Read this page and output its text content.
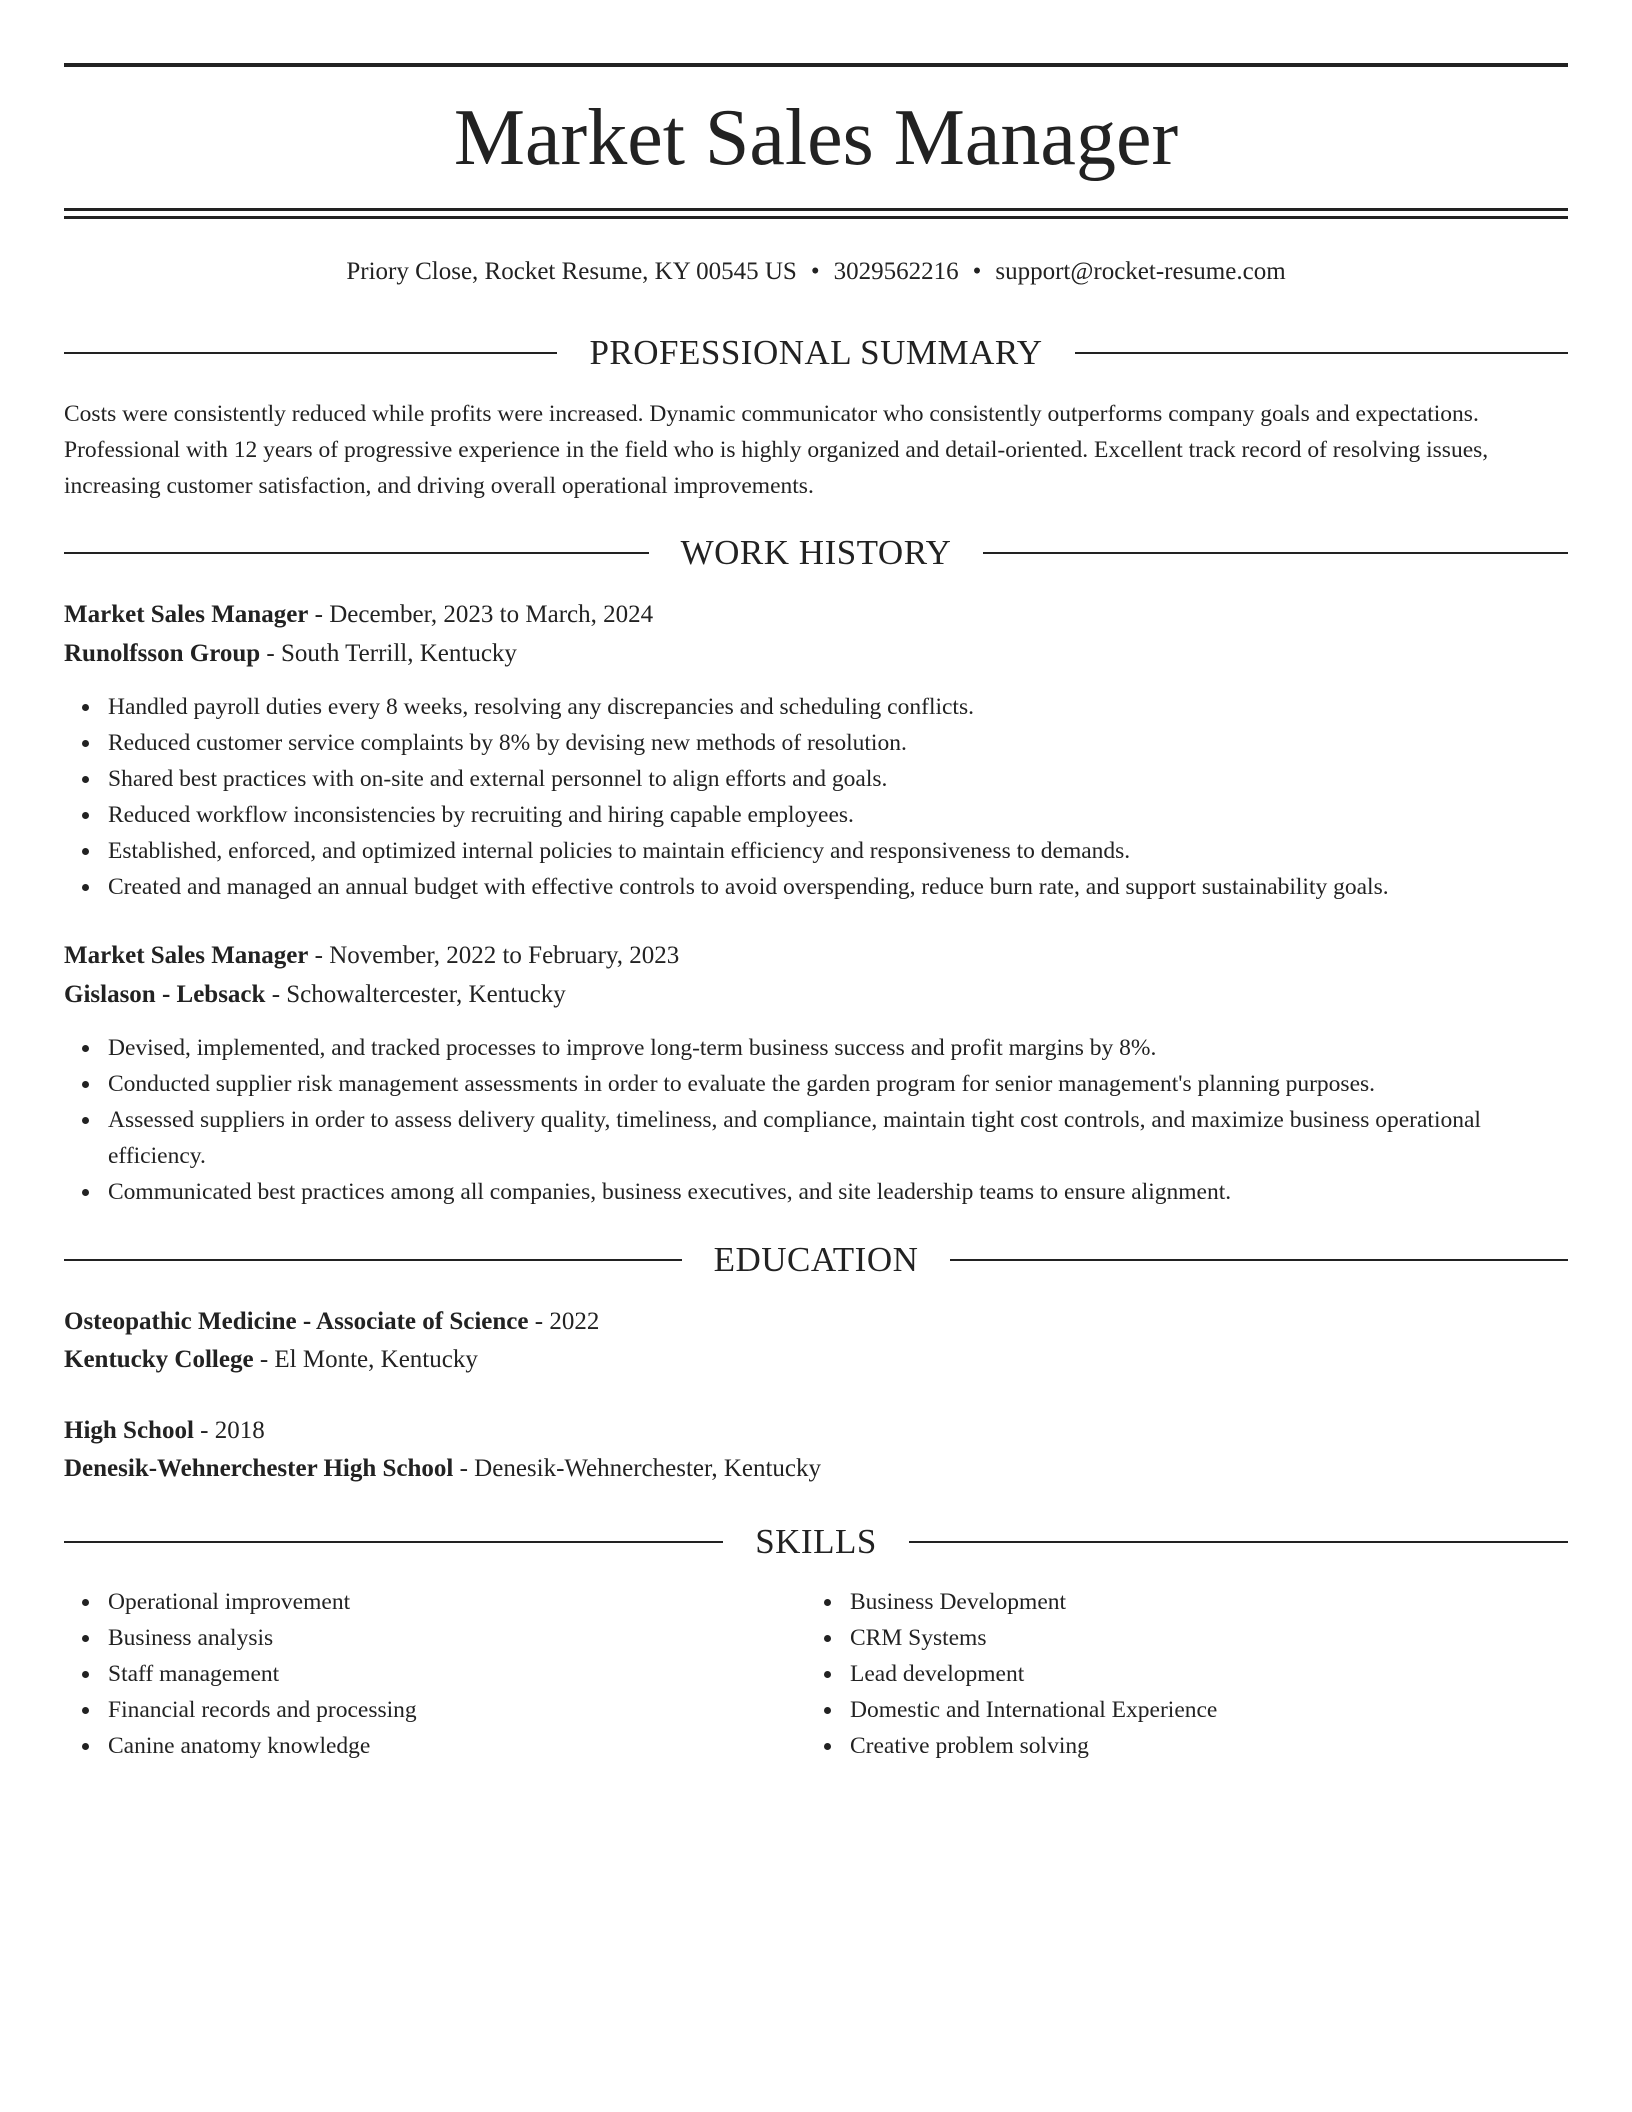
Market Sales Manager
Priory Close, Rocket Resume, KY 00545 US • 3029562216 • support@rocket-resume.com
PROFESSIONAL SUMMARY

Costs were consistently reduced while profits were increased. Dynamic communicator who consistently outperforms company goals and expectations. Professional with 12 years of progressive experience in the field who is highly organized and detail-oriented. Excellent track record of resolving issues, increasing customer satisfaction, and driving overall operational improvements.

WORK HISTORY
Market Sales Manager - December, 2023 to March, 2024
Runolfsson Group - South Terrill, Kentucky
Handled payroll duties every 8 weeks, resolving any discrepancies and scheduling conflicts.
Reduced customer service complaints by 8% by devising new methods of resolution.
Shared best practices with on-site and external personnel to align efforts and goals.
Reduced workflow inconsistencies by recruiting and hiring capable employees.
Established, enforced, and optimized internal policies to maintain efficiency and responsiveness to demands.
Created and managed an annual budget with effective controls to avoid overspending, reduce burn rate, and support sustainability goals.
Market Sales Manager - November, 2022 to February, 2023
Gislason - Lebsack - Schowaltercester, Kentucky
Devised, implemented, and tracked processes to improve long-term business success and profit margins by 8%.
Conducted supplier risk management assessments in order to evaluate the garden program for senior management's planning purposes.
Assessed suppliers in order to assess delivery quality, timeliness, and compliance, maintain tight cost controls, and maximize business operational efficiency.
Communicated best practices among all companies, business executives, and site leadership teams to ensure alignment.
EDUCATION
Osteopathic Medicine - Associate of Science - 2022
Kentucky College - El Monte, Kentucky
High School - 2018
Denesik-Wehnerchester High School - Denesik-Wehnerchester, Kentucky
SKILLS
Operational improvement
Business analysis
Staff management
Financial records and processing
Canine anatomy knowledge
Business Development
CRM Systems
Lead development
Domestic and International Experience
Creative problem solving
